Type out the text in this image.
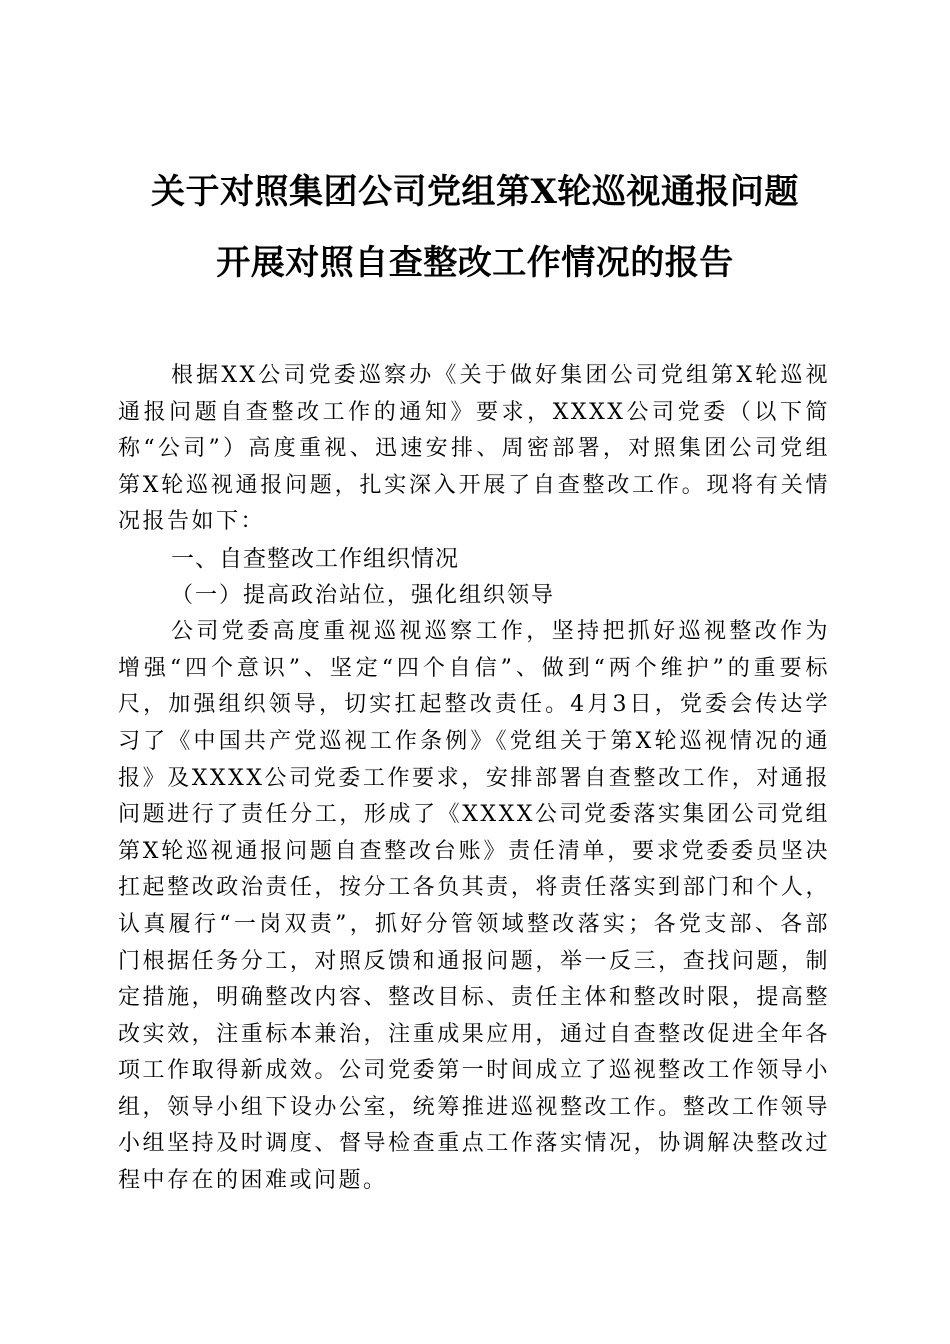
关于对照集团公司党组第X轮巡视通报问题
开展对照自查整改工作情况的报告

根据XX公司党委巡察办《关于做好集团公司党组第X轮巡视通报问题自查整改工作的通知》要求，XXXX公司党委（以下简称“公司”）高度重视、迅速安排、周密部署，对照集团公司党组第X轮巡视通报问题，扎实深入开展了自查整改工作。现将有关情况报告如下：

一、自查整改工作组织情况
（一）提高政治站位，强化组织领导

公司党委高度重视巡视巡察工作，坚持把抓好巡视整改作为增强“四个意识”、坚定“四个自信”、做到“两个维护”的重要标尺，加强组织领导，切实扛起整改责任。4月3日，党委会传达学习了《中国共产党巡视工作条例》《党组关于第X轮巡视情况的通报》及XXXX公司党委工作要求，安排部署自查整改工作，对通报问题进行了责任分工，形成了《XXXX公司党委落实集团公司党组第X轮巡视通报问题自查整改台账》责任清单，要求党委委员坚决扛起整改政治责任，按分工各负其责，将责任落实到部门和个人，认真履行“一岗双责”，抓好分管领域整改落实；各党支部、各部门根据任务分工，对照反馈和通报问题，举一反三，查找问题，制定措施，明确整改内容、整改目标、责任主体和整改时限，提高整改实效，注重标本兼治，注重成果应用，通过自查整改促进全年各项工作取得新成效。公司党委第一时间成立了巡视整改工作领导小组，领导小组下设办公室，统筹推进巡视整改工作。整改工作领导小组坚持及时调度、督导检查重点工作落实情况，协调解决整改过程中存在的困难或问题。
